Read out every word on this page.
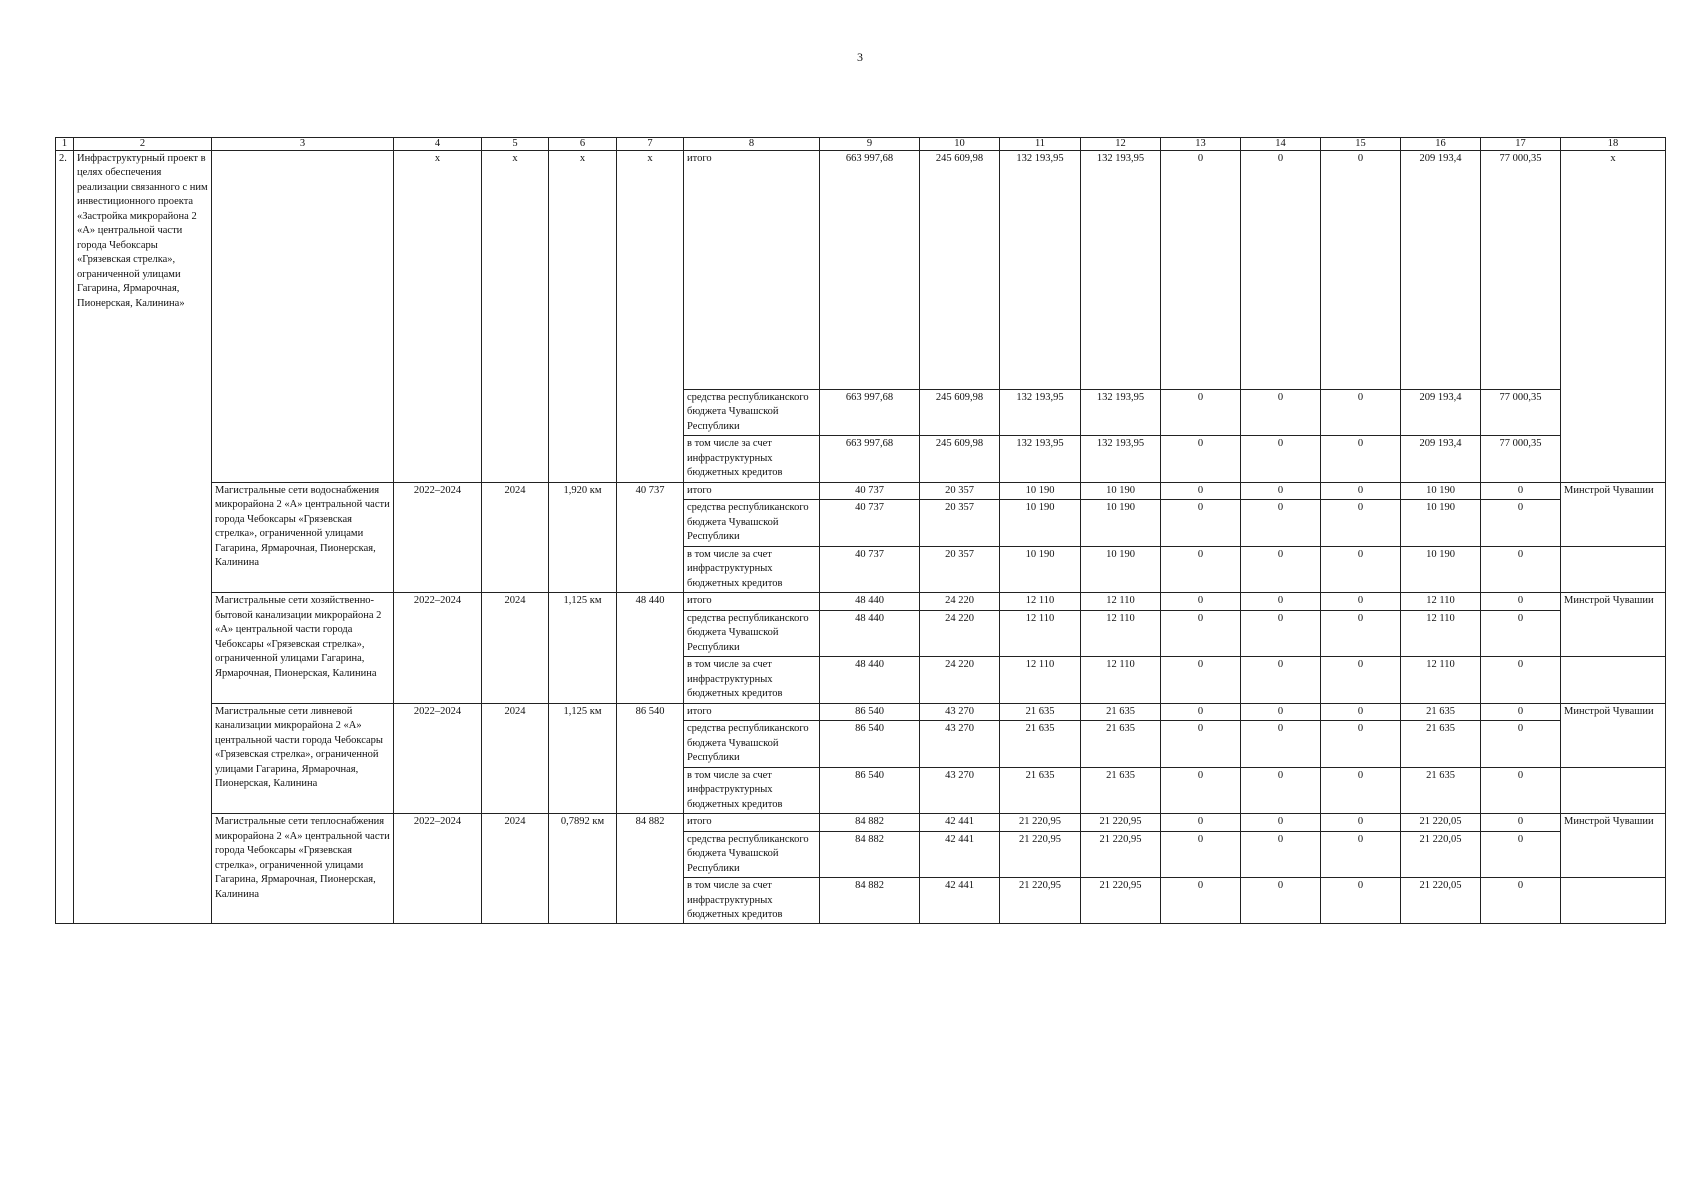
3
1	2	3	4	5	6	7	8	9	10	11	12	13	14	15	16	17	18
2.	Инфраструктурный проект в целях обеспечения реализации связанного с ним инвестиционного проекта «Застройка микрорайона 2 «А» центральной части города Чебоксары «Грязевская стрелка», ограниченной улицами Гагарина, Ярмарочная, Пионерская, Калинина»		x	x	x	x	итого	663 997,68	245 609,98	132 193,95	132 193,95	0	0	0	209 193,4	77 000,35	x
							средства республиканского бюджета Чувашской Республики	663 997,68	245 609,98	132 193,95	132 193,95	0	0	0	209 193,4	77 000,35	
							в том числе за счет инфраструктурных бюджетных кредитов	663 997,68	245 609,98	132 193,95	132 193,95	0	0	0	209 193,4	77 000,35	
		Магистральные сети водоснабжения микрорайона 2 «А» центральной части города Чебоксары «Грязевская стрелка», ограниченной улицами Гагарина, Ярмарочная, Пионерская, Калинина	2022–2024	2024	1,920 км	40 737	итого	40 737	20 357	10 190	10 190	0	0	0	10 190	0	Минстрой Чувашии
							средства республиканского бюджета Чувашской Республики	40 737	20 357	10 190	10 190	0	0	0	10 190	0	
							в том числе за счет инфраструктурных бюджетных кредитов	40 737	20 357	10 190	10 190	0	0	0	10 190	0	
		Магистральные сети хозяйственно-бытовой канализации микрорайона 2 «А» центральной части города Чебоксары «Грязевская стрелка», ограниченной улицами Гагарина, Ярмарочная, Пионерская, Калинина	2022–2024	2024	1,125 км	48 440	итого	48 440	24 220	12 110	12 110	0	0	0	12 110	0	Минстрой Чувашии
							средства республиканского бюджета Чувашской Республики	48 440	24 220	12 110	12 110	0	0	0	12 110	0	
							в том числе за счет инфраструктурных бюджетных кредитов	48 440	24 220	12 110	12 110	0	0	0	12 110	0	
		Магистральные сети ливневой канализации микрорайона 2 «А» центральной части города Чебоксары «Грязевская стрелка», ограниченной улицами Гагарина, Ярмарочная, Пионерская, Калинина	2022–2024	2024	1,125 км	86 540	итого	86 540	43 270	21 635	21 635	0	0	0	21 635	0	Минстрой Чувашии
							средства республиканского бюджета Чувашской Республики	86 540	43 270	21 635	21 635	0	0	0	21 635	0	
							в том числе за счет инфраструктурных бюджетных кредитов	86 540	43 270	21 635	21 635	0	0	0	21 635	0	
		Магистральные сети теплоснабжения микрорайона 2 «А» центральной части города Чебоксары «Грязевская стрелка», ограниченной улицами Гагарина, Ярмарочная, Пионерская, Калинина	2022–2024	2024	0,7892 км	84 882	итого	84 882	42 441	21 220,95	21 220,95	0	0	0	21 220,05	0	Минстрой Чувашии
							средства республиканского бюджета Чувашской Республики	84 882	42 441	21 220,95	21 220,95	0	0	0	21 220,05	0	
							в том числе за счет инфраструктурных бюджетных кредитов	84 882	42 441	21 220,95	21 220,95	0	0	0	21 220,05	0	
